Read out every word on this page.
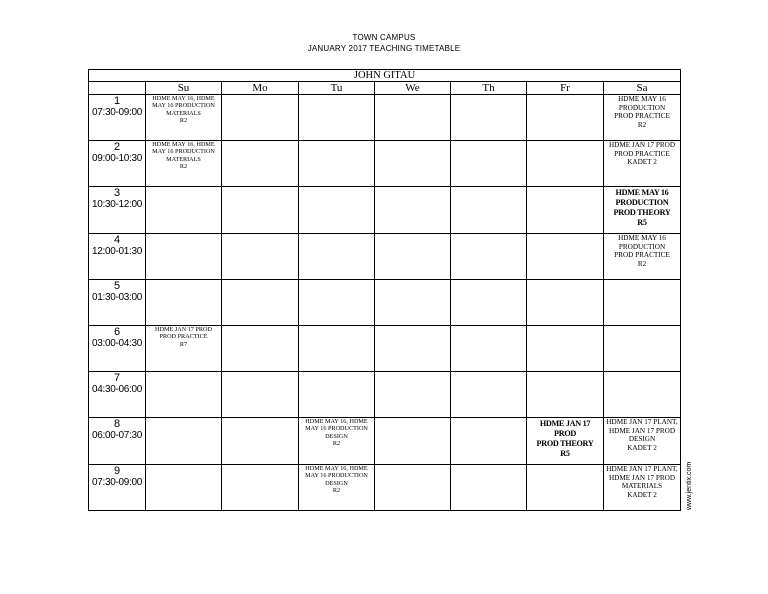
TOWN CAMPUS
JANUARY 2017 TEACHING TIMETABLE
JOHN GITAU							
	Su	Mo	Tu	We	Th	Fr	Sa

1
07:30-09:00	HDME MAY 16, HDME
MAY 16 PRODUCTION
MATERIALS
R2						HDME MAY 16
PRODUCTION
PROD PRACTICE
R2

2
09:00-10:30	HDME MAY 16, HDME
MAY 16 PRODUCTION
MATERIALS
R2						HDME JAN 17 PROD
PROD PRACTICE
KADET 2

3
10:30-12:00							HDME MAY 16
PRODUCTION
PROD THEORY
R5

4
12:00-01:30							HDME MAY 16
PRODUCTION
PROD PRACTICE
R2

5
01:30-03:00							

6
03:00-04:30	HDME JAN 17 PROD
PROD PRACTICE
R7						

7
04:30-06:00							

8
06:00-07:30			HDME MAY 16, HDME
MAY 16 PRODUCTION
DESIGN
R2			HDME JAN 17
PROD
PROD THEORY
R5	HDME JAN 17 PLANT,
HDME JAN 17 PROD
DESIGN
KADET 2

9
07:30-09:00			HDME MAY 16, HDME
MAY 16 PRODUCTION
DESIGN
R2				HDME JAN 17 PLANT,
HDME JAN 17 PROD
MATERIALS
KADET 2	www.jentix.com
